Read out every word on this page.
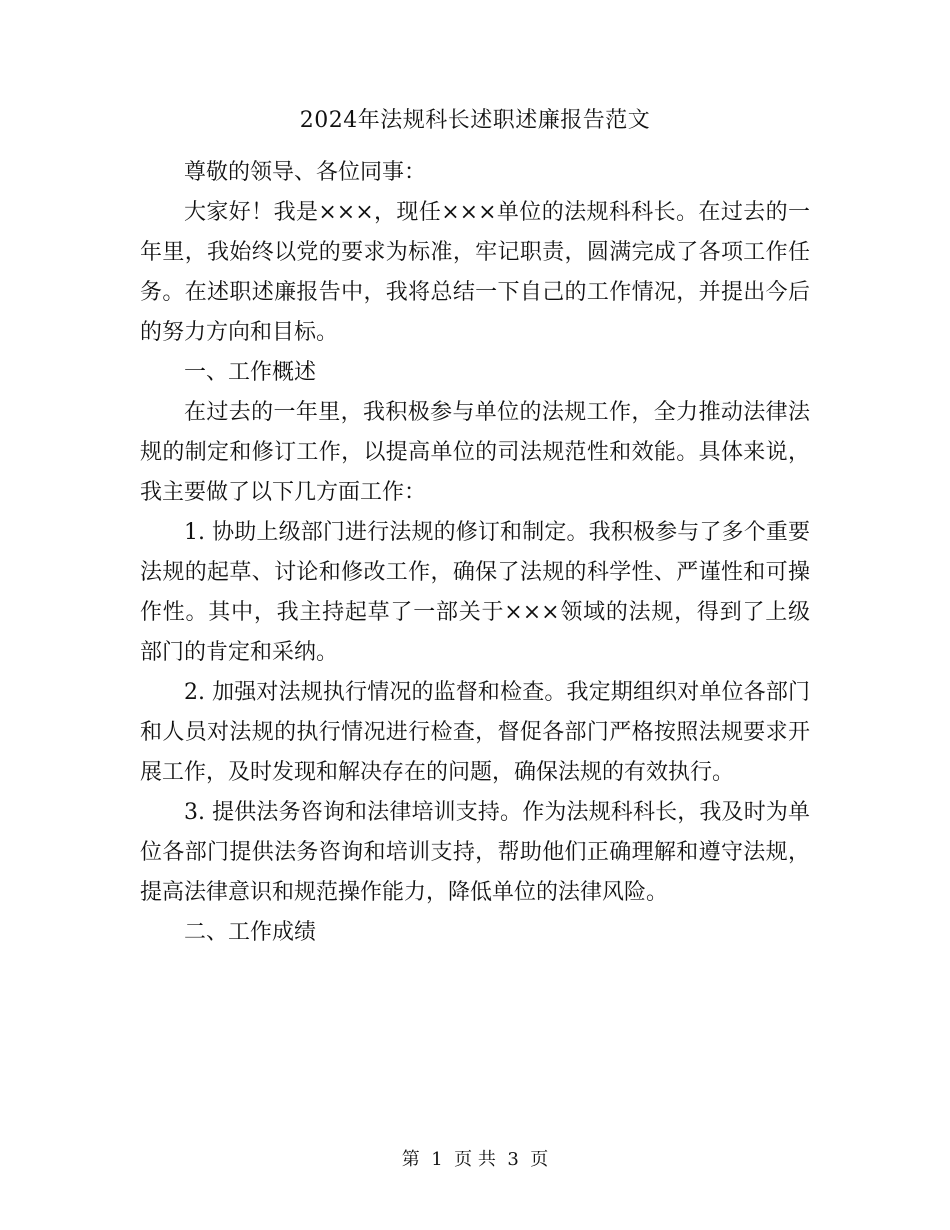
2024年法规科长述职述廉报告范文

尊敬的领导、各位同事：

大家好！我是×××，现任×××单位的法规科科长。在过去的一年里，我始终以党的要求为标准，牢记职责，圆满完成了各项工作任务。在述职述廉报告中，我将总结一下自己的工作情况，并提出今后的努力方向和目标。

一、工作概述

在过去的一年里，我积极参与单位的法规工作，全力推动法律法规的制定和修订工作，以提高单位的司法规范性和效能。具体来说，我主要做了以下几方面工作：

1. 协助上级部门进行法规的修订和制定。我积极参与了多个重要法规的起草、讨论和修改工作，确保了法规的科学性、严谨性和可操作性。其中，我主持起草了一部关于×××领域的法规，得到了上级部门的肯定和采纳。

2. 加强对法规执行情况的监督和检查。我定期组织对单位各部门和人员对法规的执行情况进行检查，督促各部门严格按照法规要求开展工作，及时发现和解决存在的问题，确保法规的有效执行。

3. 提供法务咨询和法律培训支持。作为法规科科长，我及时为单位各部门提供法务咨询和培训支持，帮助他们正确理解和遵守法规，提高法律意识和规范操作能力，降低单位的法律风险。

二、工作成绩

第 1 页 共 3 页
